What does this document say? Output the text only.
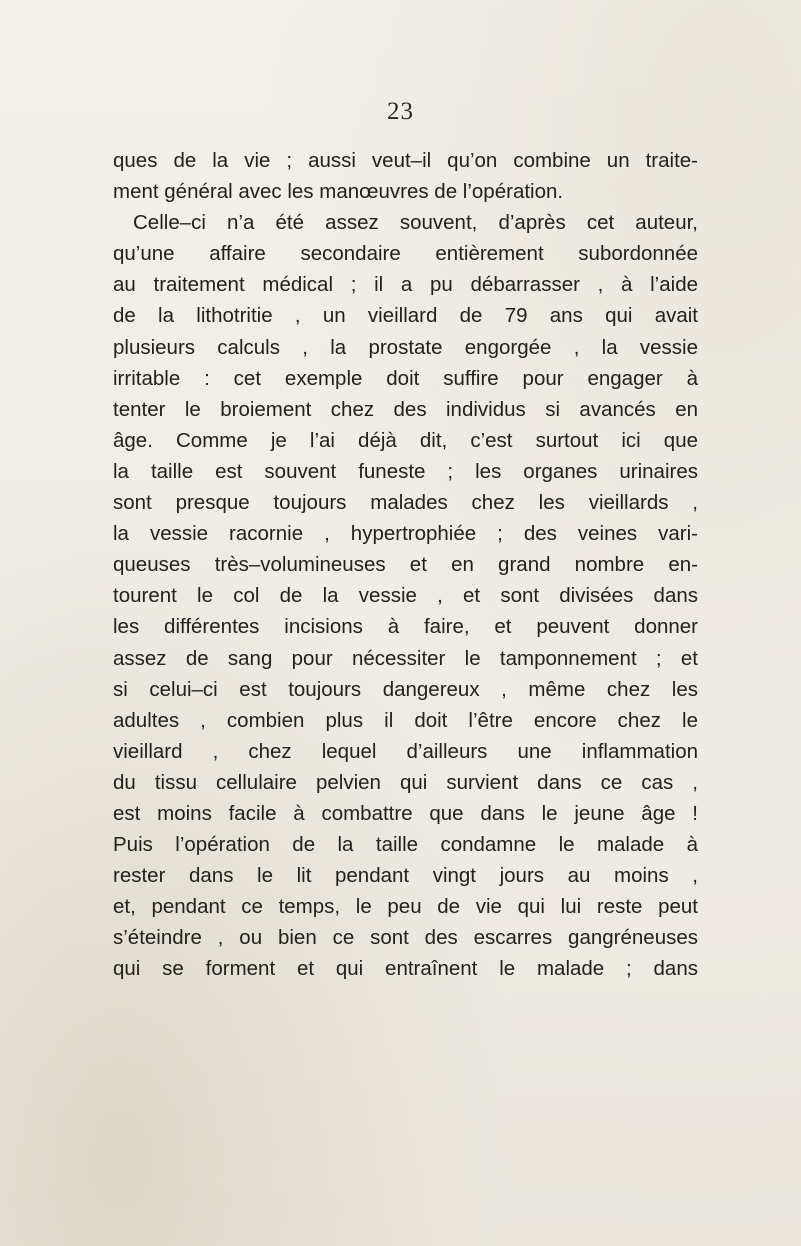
23
ques de la vie ; aussi veut–il qu’on combine un traite-
ment général avec les manœuvres de l’opération.
Celle–ci n’a été assez souvent, d’après cet auteur,
qu’une affaire secondaire entièrement subordonnée
au traitement médical ; il a pu débarrasser , à l’aide
de la lithotritie , un vieillard de 79 ans qui avait
plusieurs calculs , la prostate engorgée , la vessie
irritable : cet exemple doit suffire pour engager à
tenter le broiement chez des individus si avancés en
âge. Comme je l’ai déjà dit, c’est surtout ici que
la taille est souvent funeste ; les organes urinaires
sont presque toujours malades chez les vieillards ,
la vessie racornie , hypertrophiée ; des veines vari-
queuses très–volumineuses et en grand nombre en-
tourent le col de la vessie , et sont divisées dans
les différentes incisions à faire, et peuvent donner
assez de sang pour nécessiter le tamponnement ; et
si celui–ci est toujours dangereux , même chez les
adultes , combien plus il doit l’être encore chez le
vieillard , chez lequel d’ailleurs une inflammation
du tissu cellulaire pelvien qui survient dans ce cas ,
est moins facile à combattre que dans le jeune âge !
Puis l’opération de la taille condamne le malade à
rester dans le lit pendant vingt jours au moins ,
et, pendant ce temps, le peu de vie qui lui reste peut
s’éteindre , ou bien ce sont des escarres gangréneuses
qui se forment et qui entraînent le malade ; dans
